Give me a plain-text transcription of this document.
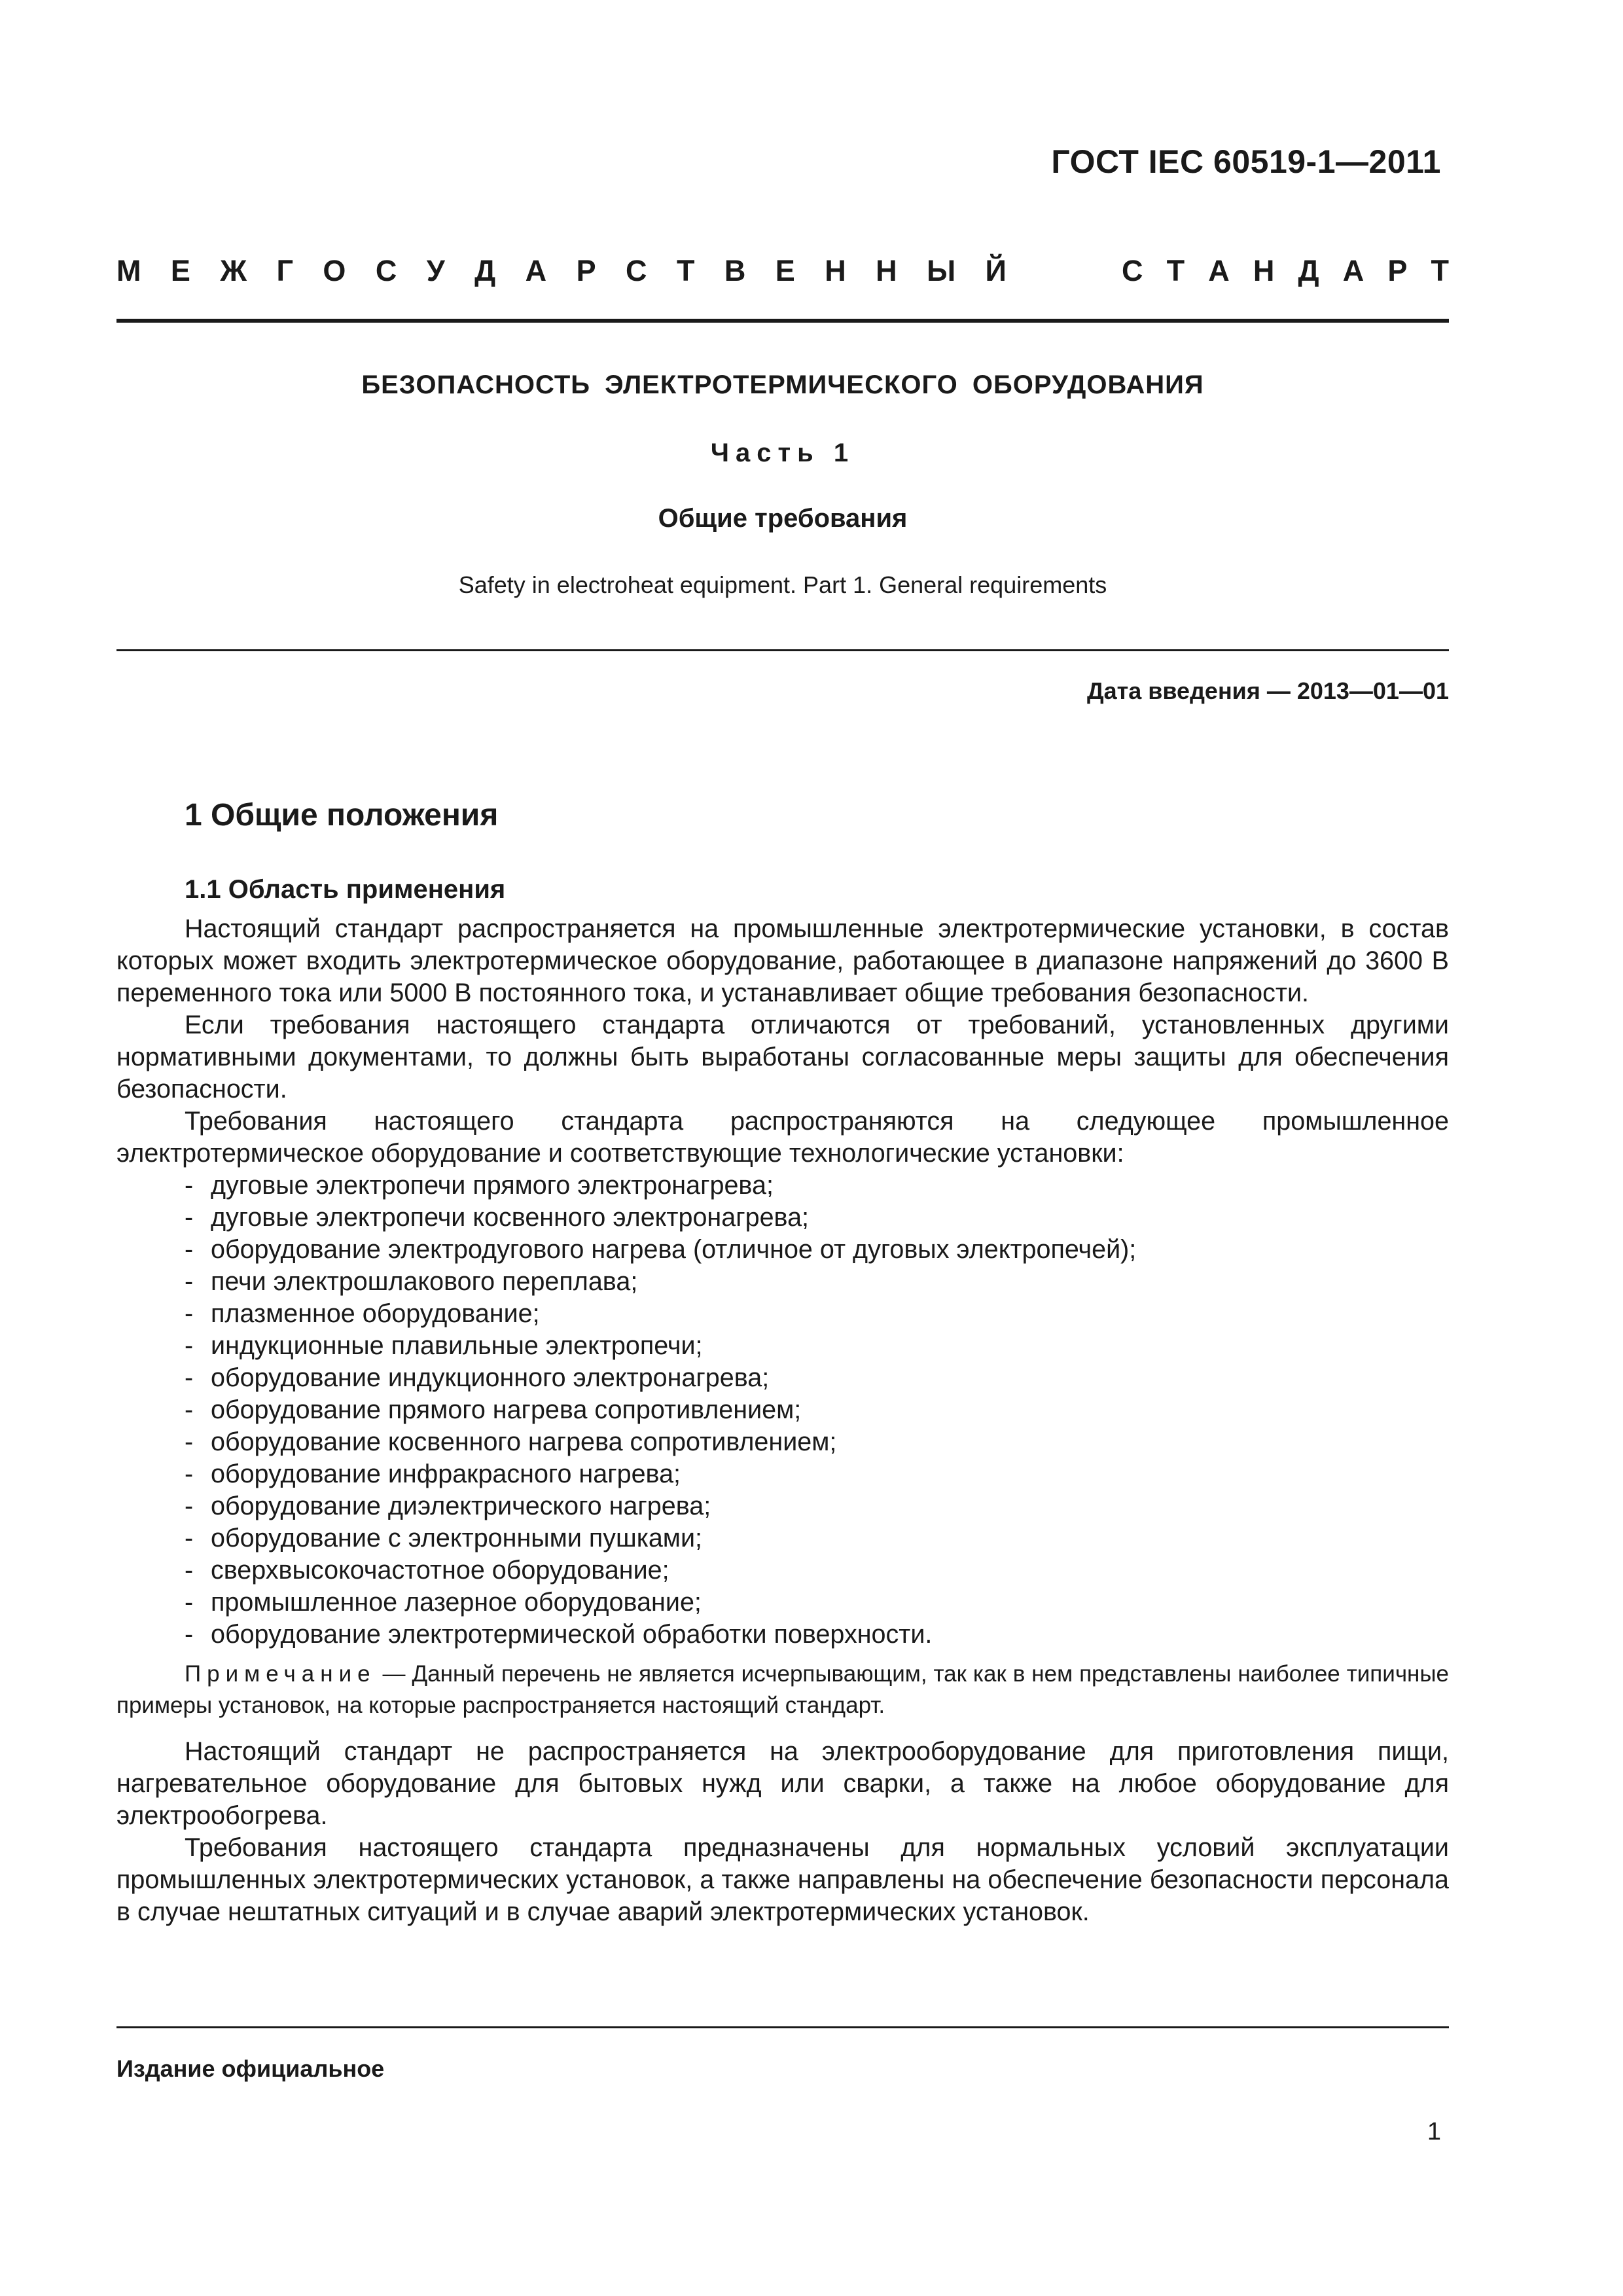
ГОСТ IEC 60519-1—2011
М Е Ж Г О С У Д А Р С Т В Е Н Н Ы Й	С Т А Н Д А Р Т
БЕЗОПАСНОСТЬ ЭЛЕКТРОТЕРМИЧЕСКОГО ОБОРУДОВАНИЯ
Часть 1
Общие требования
Safety in electroheat equipment. Part 1. General requirements
Дата введения — 2013—01—01
1 Общие положения
1.1 Область применения

Настоящий стандарт распространяется на промышленные электротермические установки, в состав которых может входить электротермическое оборудование, работающее в диапазоне напряжений до 3600 В переменного тока или 5000 В постоянного тока, и устанавливает общие требования безопасности.

Если требования настоящего стандарта отличаются от требований, установленных другими нормативными документами, то должны быть выработаны согласованные меры защиты для обеспечения безопасности.

Требования настоящего стандарта распространяются на следующее промышленное электротермическое оборудование и соответствующие технологические установки:

- дуговые электропечи прямого электронагрева;
- дуговые электропечи косвенного электронагрева;
- оборудование электродугового нагрева (отличное от дуговых электропечей);
- печи электрошлакового переплава;
- плазменное оборудование;
- индукционные плавильные электропечи;
- оборудование индукционного электронагрева;
- оборудование прямого нагрева сопротивлением;
- оборудование косвенного нагрева сопротивлением;
- оборудование инфракрасного нагрева;
- оборудование диэлектрического нагрева;
- оборудование с электронными пушками;
- сверхвысокочастотное оборудование;
- промышленное лазерное оборудование;
- оборудование электротермической обработки поверхности.

Примечание — Данный перечень не является исчерпывающим, так как в нем представлены наиболее типичные примеры установок, на которые распространяется настоящий стандарт.

Настоящий стандарт не распространяется на электрооборудование для приготовления пищи, нагревательное оборудование для бытовых нужд или сварки, а также на любое оборудование для электрообогрева.

Требования настоящего стандарта предназначены для нормальных условий эксплуатации промышленных электротермических установок, а также направлены на обеспечение безопасности персонала в случае нештатных ситуаций и в случае аварий электротермических установок.

Издание официальное
1
